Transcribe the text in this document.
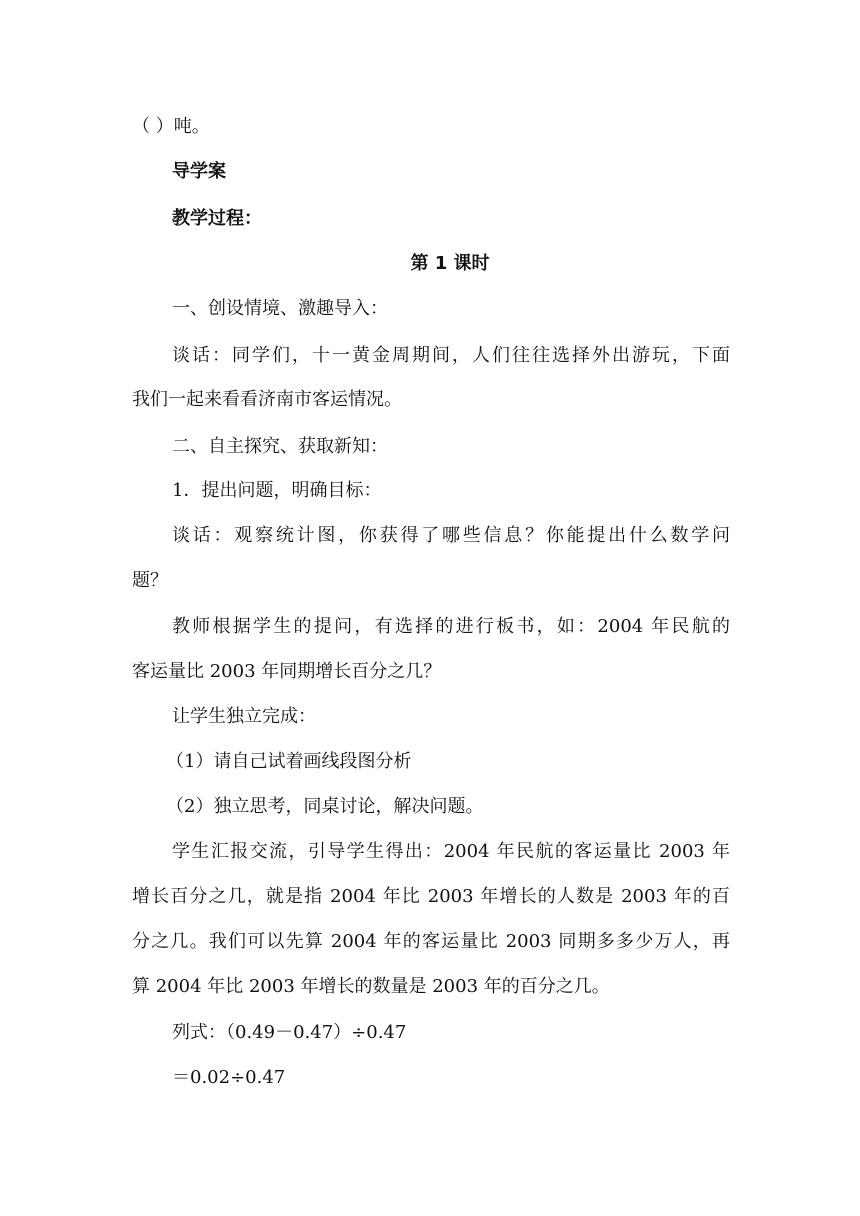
（ ）吨。
导学案
教学过程：
第 1 课时
一、创设情境、激趣导入：
谈话：同学们，十一黄金周期间，人们往往选择外出游玩，下面
我们一起来看看济南市客运情况。
二、自主探究、获取新知：
1．提出问题，明确目标：
谈话：观察统计图，你获得了哪些信息？你能提出什么数学问
题？
教师根据学生的提问，有选择的进行板书，如：2004 年民航的
客运量比 2003 年同期增长百分之几？
让学生独立完成：
（1）请自己试着画线段图分析
（2）独立思考，同桌讨论，解决问题。
学生汇报交流，引导学生得出：2004 年民航的客运量比 2003 年
增长百分之几，就是指 2004 年比 2003 年增长的人数是 2003 年的百
分之几。我们可以先算 2004 年的客运量比 2003 同期多多少万人，再
算 2004 年比 2003 年增长的数量是 2003 年的百分之几。
列式：（0.49－0.47）÷0.47
＝0.02÷0.47
